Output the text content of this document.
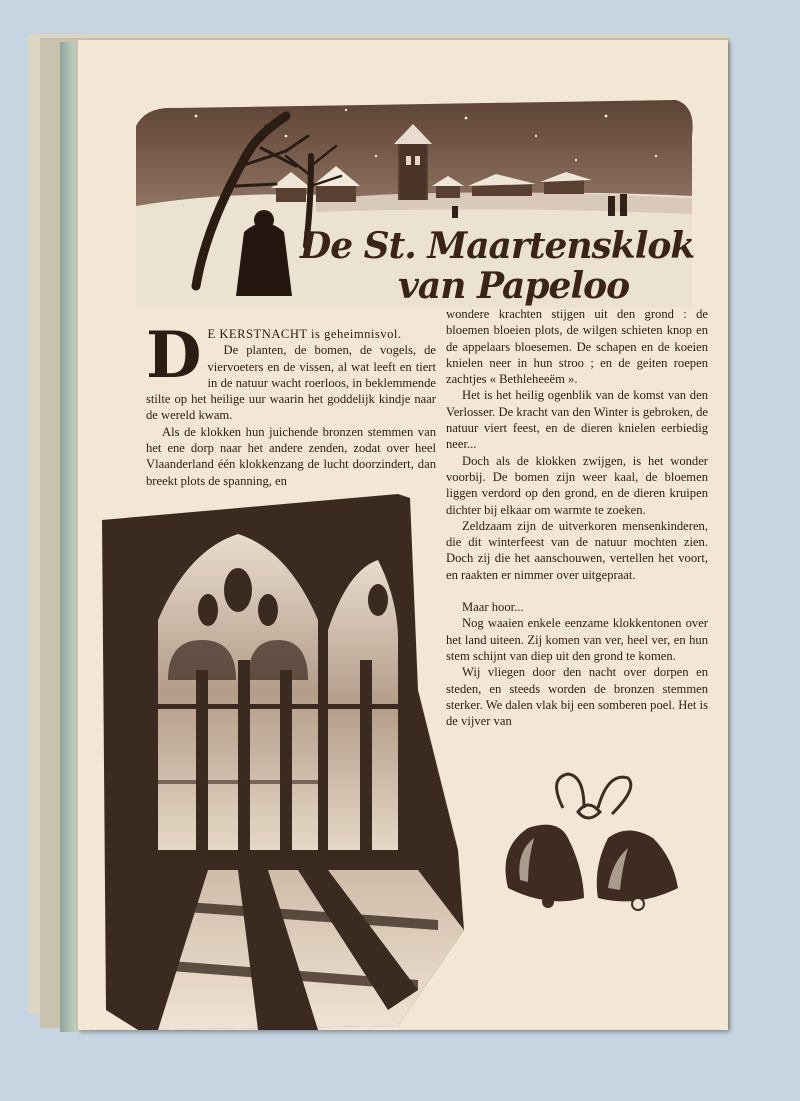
De St. Maartensklok
van Papeloo
D E KERSTNACHT is geheimnisvol.

De planten, de bomen, de vogels, de viervoeters en de vissen, al wat leeft en tiert in de natuur wacht roerloos, in beklemmende stilte op het heilige uur waarin het goddelijk kindje naar de wereld kwam.

Als de klokken hun juichende bronzen stemmen van het ene dorp naar het andere zenden, zodat over heel Vlaanderland één klokkenzang de lucht doorzindert, dan breekt plots de spanning, en

wondere krachten stijgen uit den grond : de bloemen bloeien plots, de wilgen schieten knop en de appelaars bloesemen. De schapen en de koeien knielen neer in hun stroo ; en de geiten roepen zachtjes « Bethleheeëm ».

Het is het heilig ogenblik van de komst van den Verlosser. De kracht van den Winter is gebroken, de natuur viert feest, en de dieren knielen eerbiedig neer...

Doch als de klokken zwijgen, is het wonder voorbij. De bomen zijn weer kaal, de bloemen liggen verdord op den grond, en de dieren kruipen dichter bij elkaar om warmte te zoeken.

Zeldzaam zijn de uitverkoren mensenkinderen, die dit winterfeest van de natuur mochten zien. Doch zij die het aanschouwen, vertellen het voort, en raakten er nimmer over uitgepraat.

Maar hoor...

Nog waaien enkele eenzame klokkentonen over het land uiteen. Zij komen van ver, heel ver, en hun stem schijnt van diep uit den grond te komen.

Wij vliegen door den nacht over dorpen en steden, en steeds worden de bronzen stemmen sterker. We dalen vlak bij een somberen poel. Het is de vijver van
